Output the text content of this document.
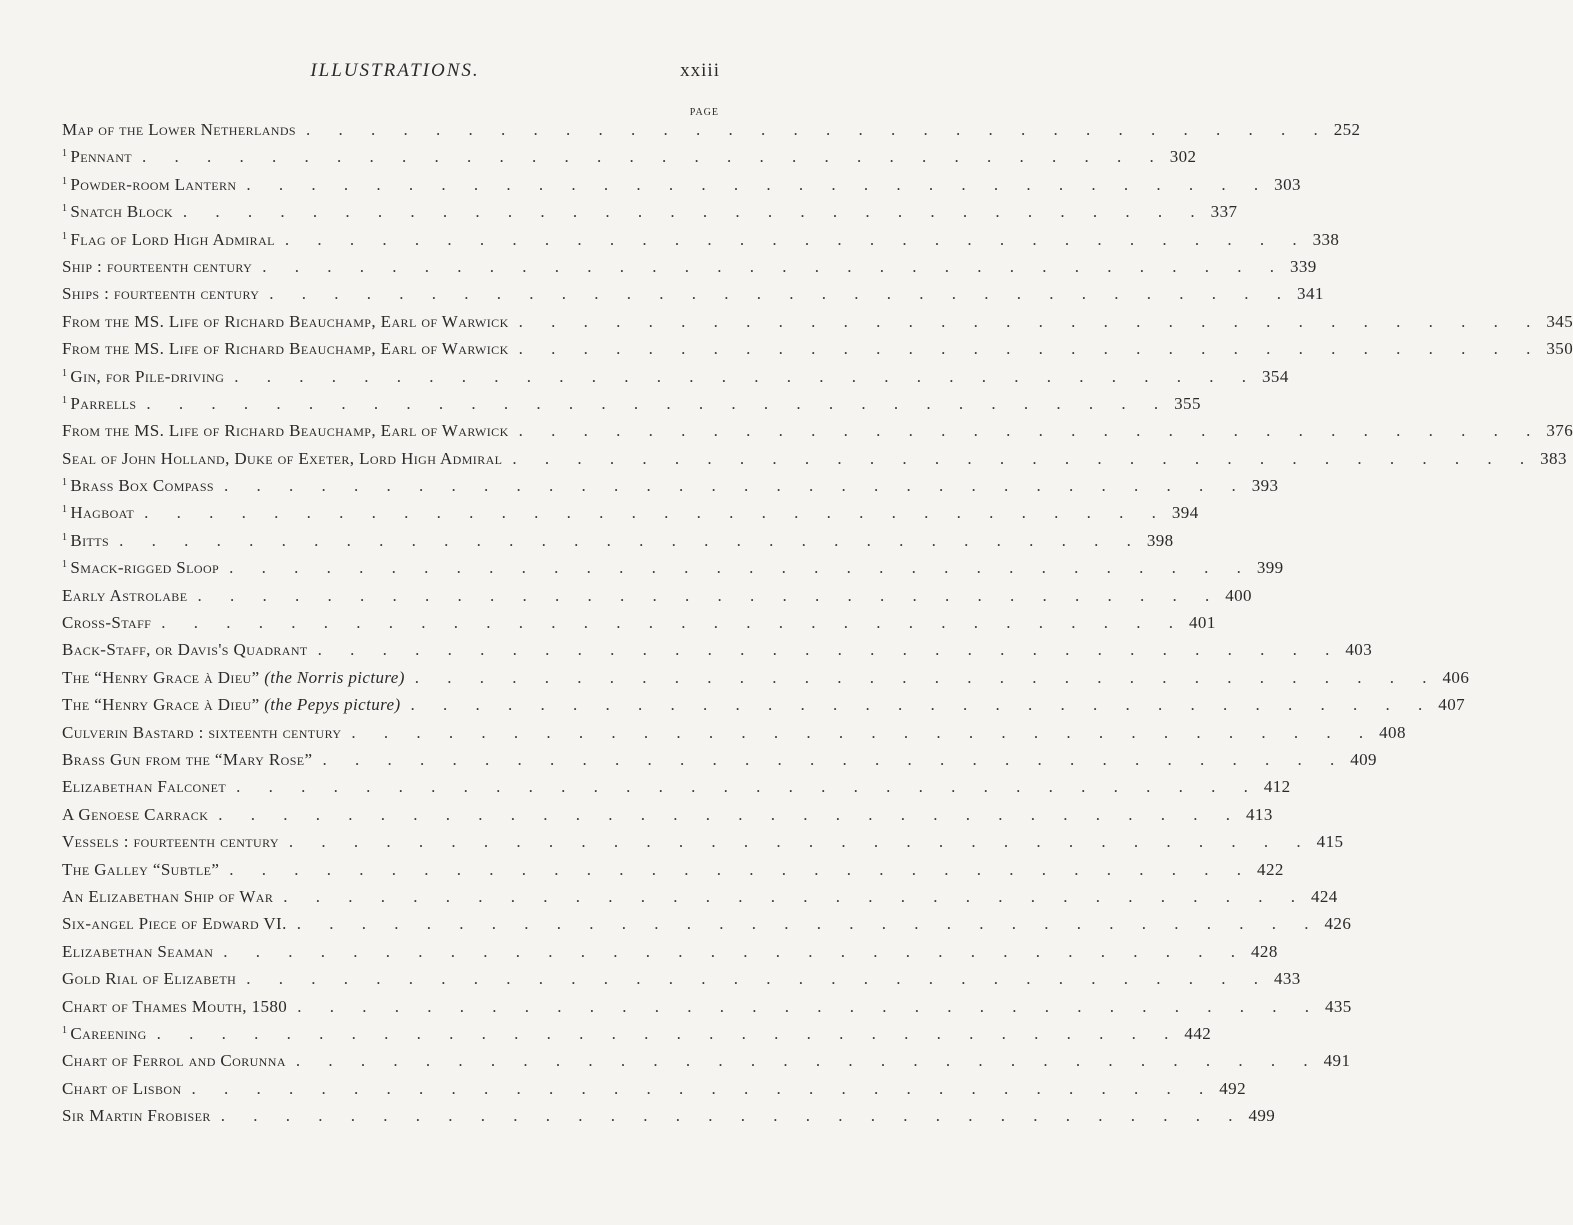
ILLUSTRATIONS.	xxiii
PAGE
Map of the Lower Netherlands . . . . . . . . . . . . . . . . . . . . . . . . . . . . . . . . 252
1 Pennant . . . . . . . . . . . . . . . . . . . . . . . . . . . . . . . . 302
1 Powder-room Lantern . . . . . . . . . . . . . . . . . . . . . . . . . . . . . . . . 303
1 Snatch Block . . . . . . . . . . . . . . . . . . . . . . . . . . . . . . . . 337
1 Flag of Lord High Admiral . . . . . . . . . . . . . . . . . . . . . . . . . . . . . . . . 338
Ship : fourteenth century . . . . . . . . . . . . . . . . . . . . . . . . . . . . . . . . 339
Ships : fourteenth century . . . . . . . . . . . . . . . . . . . . . . . . . . . . . . . . 341
From the MS. Life of Richard Beauchamp, Earl of Warwick . . . . . . . . . . . . . . . . . . . . . . . . . . . . . . . . 345
From the MS. Life of Richard Beauchamp, Earl of Warwick . . . . . . . . . . . . . . . . . . . . . . . . . . . . . . . . 350
1 Gin, for Pile-driving . . . . . . . . . . . . . . . . . . . . . . . . . . . . . . . . 354
1 Parrells . . . . . . . . . . . . . . . . . . . . . . . . . . . . . . . . 355
From the MS. Life of Richard Beauchamp, Earl of Warwick . . . . . . . . . . . . . . . . . . . . . . . . . . . . . . . . 376
Seal of John Holland, Duke of Exeter, Lord High Admiral . . . . . . . . . . . . . . . . . . . . . . . . . . . . . . . . 383
1 Brass Box Compass . . . . . . . . . . . . . . . . . . . . . . . . . . . . . . . . 393
1 Hagboat . . . . . . . . . . . . . . . . . . . . . . . . . . . . . . . . 394
1 Bitts . . . . . . . . . . . . . . . . . . . . . . . . . . . . . . . . 398
1 Smack-rigged Sloop . . . . . . . . . . . . . . . . . . . . . . . . . . . . . . . . 399
Early Astrolabe . . . . . . . . . . . . . . . . . . . . . . . . . . . . . . . . 400
Cross-Staff . . . . . . . . . . . . . . . . . . . . . . . . . . . . . . . . 401
Back-Staff, or Davis's Quadrant . . . . . . . . . . . . . . . . . . . . . . . . . . . . . . . . 403
The “Henry Grace à Dieu” (the Norris picture) . . . . . . . . . . . . . . . . . . . . . . . . . . . . . . . . 406
The “Henry Grace à Dieu” (the Pepys picture) . . . . . . . . . . . . . . . . . . . . . . . . . . . . . . . . 407
Culverin Bastard : sixteenth century . . . . . . . . . . . . . . . . . . . . . . . . . . . . . . . . 408
Brass Gun from the “Mary Rose” . . . . . . . . . . . . . . . . . . . . . . . . . . . . . . . . 409
Elizabethan Falconet . . . . . . . . . . . . . . . . . . . . . . . . . . . . . . . . 412
A Genoese Carrack . . . . . . . . . . . . . . . . . . . . . . . . . . . . . . . . 413
Vessels : fourteenth century . . . . . . . . . . . . . . . . . . . . . . . . . . . . . . . . 415
The Galley “Subtle” . . . . . . . . . . . . . . . . . . . . . . . . . . . . . . . . 422
An Elizabethan Ship of War . . . . . . . . . . . . . . . . . . . . . . . . . . . . . . . . 424
Six-angel Piece of Edward VI. . . . . . . . . . . . . . . . . . . . . . . . . . . . . . . . . 426
Elizabethan Seaman . . . . . . . . . . . . . . . . . . . . . . . . . . . . . . . . 428
Gold Rial of Elizabeth . . . . . . . . . . . . . . . . . . . . . . . . . . . . . . . . 433
Chart of Thames Mouth, 1580 . . . . . . . . . . . . . . . . . . . . . . . . . . . . . . . . 435
1 Careening . . . . . . . . . . . . . . . . . . . . . . . . . . . . . . . . 442
Chart of Ferrol and Corunna . . . . . . . . . . . . . . . . . . . . . . . . . . . . . . . . 491
Chart of Lisbon . . . . . . . . . . . . . . . . . . . . . . . . . . . . . . . . 492
Sir Martin Frobiser . . . . . . . . . . . . . . . . . . . . . . . . . . . . . . . . 499
